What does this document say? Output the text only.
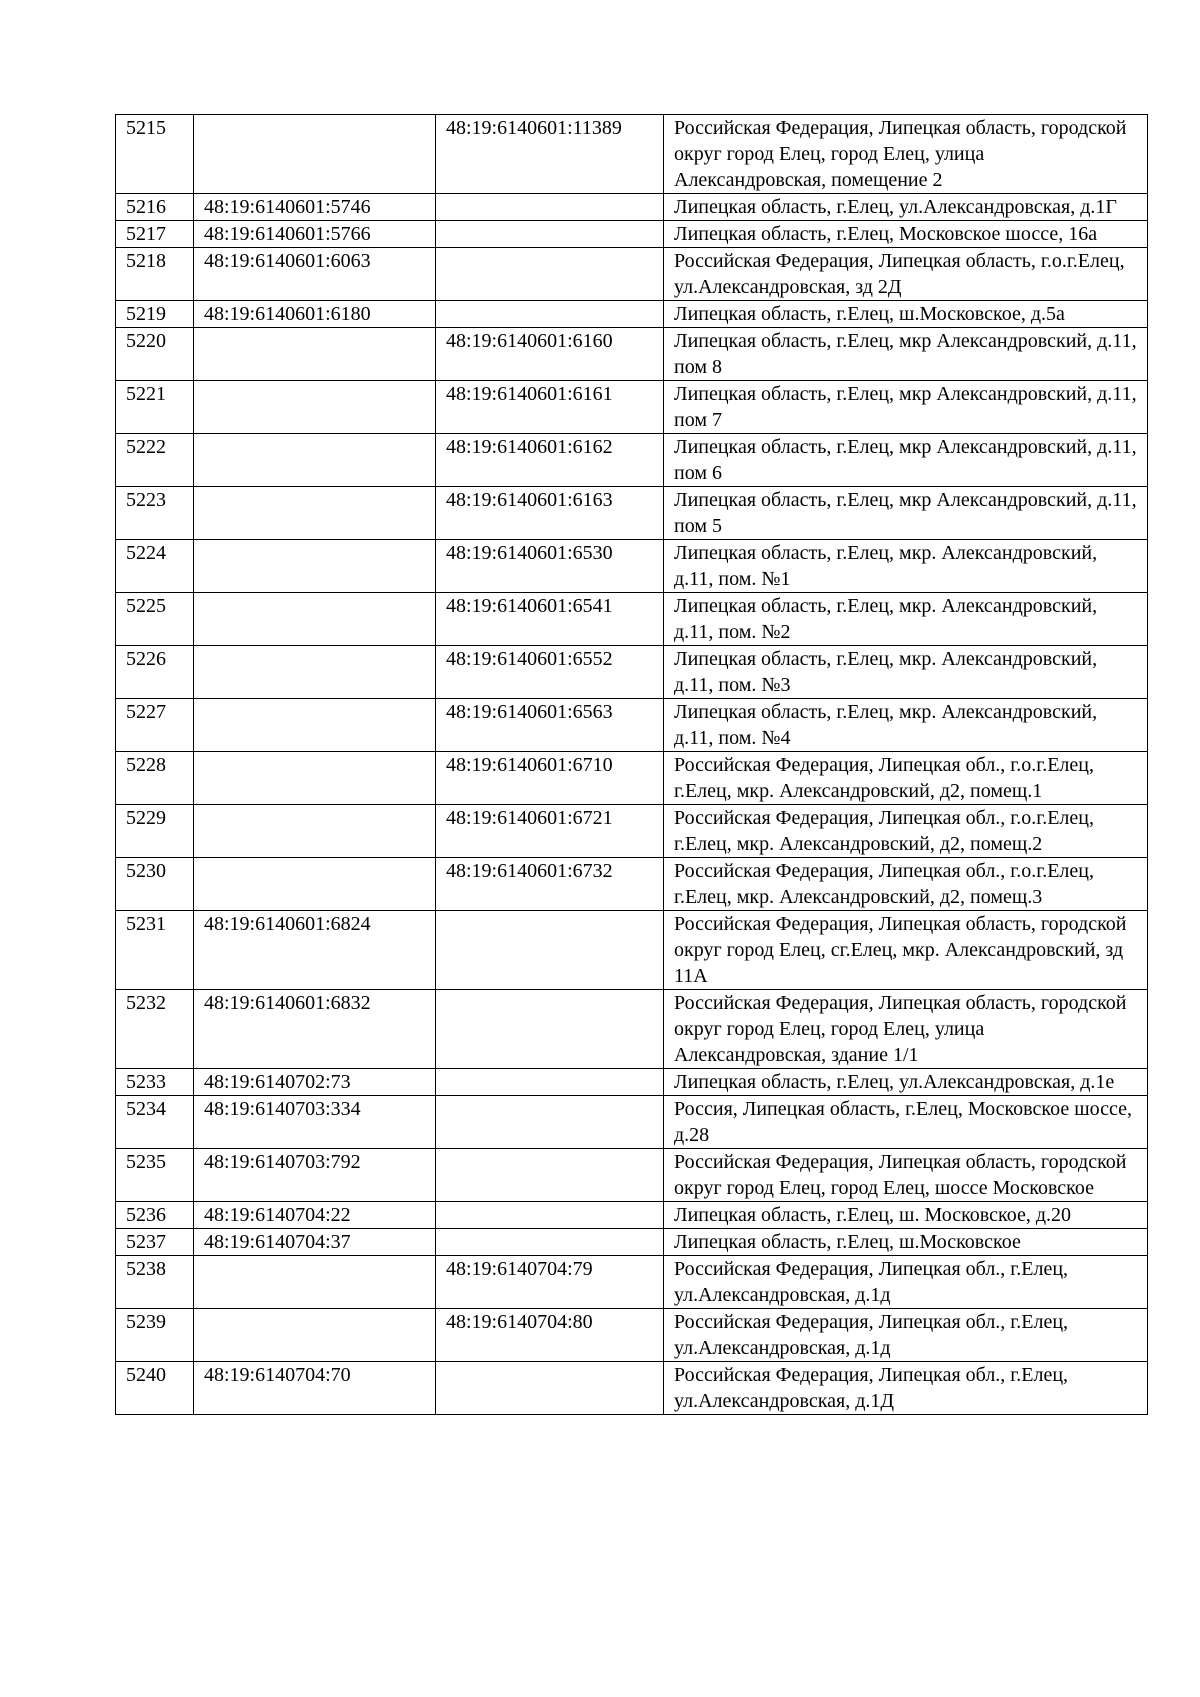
5215		48:19:6140601:11389	Российская Федерация, Липецкая область, городской округ город Елец, город Елец, улица Александровская, помещение 2
5216	48:19:6140601:5746		Липецкая область, г.Елец, ул.Александровская, д.1Г
5217	48:19:6140601:5766		Липецкая область, г.Елец, Московское шоссе, 16а
5218	48:19:6140601:6063		Российская Федерация, Липецкая область, г.о.г.Елец, ул.Александровская, зд 2Д
5219	48:19:6140601:6180		Липецкая область, г.Елец, ш.Московское, д.5а
5220		48:19:6140601:6160	Липецкая область, г.Елец, мкр Александровский, д.11, пом 8
5221		48:19:6140601:6161	Липецкая область, г.Елец, мкр Александровский, д.11, пом 7
5222		48:19:6140601:6162	Липецкая область, г.Елец, мкр Александровский, д.11, пом 6
5223		48:19:6140601:6163	Липецкая область, г.Елец, мкр Александровский, д.11, пом 5
5224		48:19:6140601:6530	Липецкая область, г.Елец, мкр. Александровский, д.11, пом. №1
5225		48:19:6140601:6541	Липецкая область, г.Елец, мкр. Александровский, д.11, пом. №2
5226		48:19:6140601:6552	Липецкая область, г.Елец, мкр. Александровский, д.11, пом. №3
5227		48:19:6140601:6563	Липецкая область, г.Елец, мкр. Александровский, д.11, пом. №4
5228		48:19:6140601:6710	Российская Федерация, Липецкая обл., г.о.г.Елец, г.Елец, мкр. Александровский, д2, помещ.1
5229		48:19:6140601:6721	Российская Федерация, Липецкая обл., г.о.г.Елец, г.Елец, мкр. Александровский, д2, помещ.2
5230		48:19:6140601:6732	Российская Федерация, Липецкая обл., г.о.г.Елец, г.Елец, мкр. Александровский, д2, помещ.3
5231	48:19:6140601:6824		Российская Федерация, Липецкая область, городской округ город Елец, сг.Елец, мкр. Александровский, зд 11А
5232	48:19:6140601:6832		Российская Федерация, Липецкая область, городской округ город Елец, город Елец, улица Александровская, здание 1/1
5233	48:19:6140702:73		Липецкая область, г.Елец, ул.Александровская, д.1е
5234	48:19:6140703:334		Россия, Липецкая область, г.Елец, Московское шоссе, д.28
5235	48:19:6140703:792		Российская Федерация, Липецкая область, городской округ город Елец, город Елец, шоссе Московское
5236	48:19:6140704:22		Липецкая область, г.Елец, ш. Московское, д.20
5237	48:19:6140704:37		Липецкая область, г.Елец, ш.Московское
5238		48:19:6140704:79	Российская Федерация, Липецкая обл., г.Елец, ул.Александровская, д.1д
5239		48:19:6140704:80	Российская Федерация, Липецкая обл., г.Елец, ул.Александровская, д.1д
5240	48:19:6140704:70		Российская Федерация, Липецкая обл., г.Елец, ул.Александровская, д.1Д
